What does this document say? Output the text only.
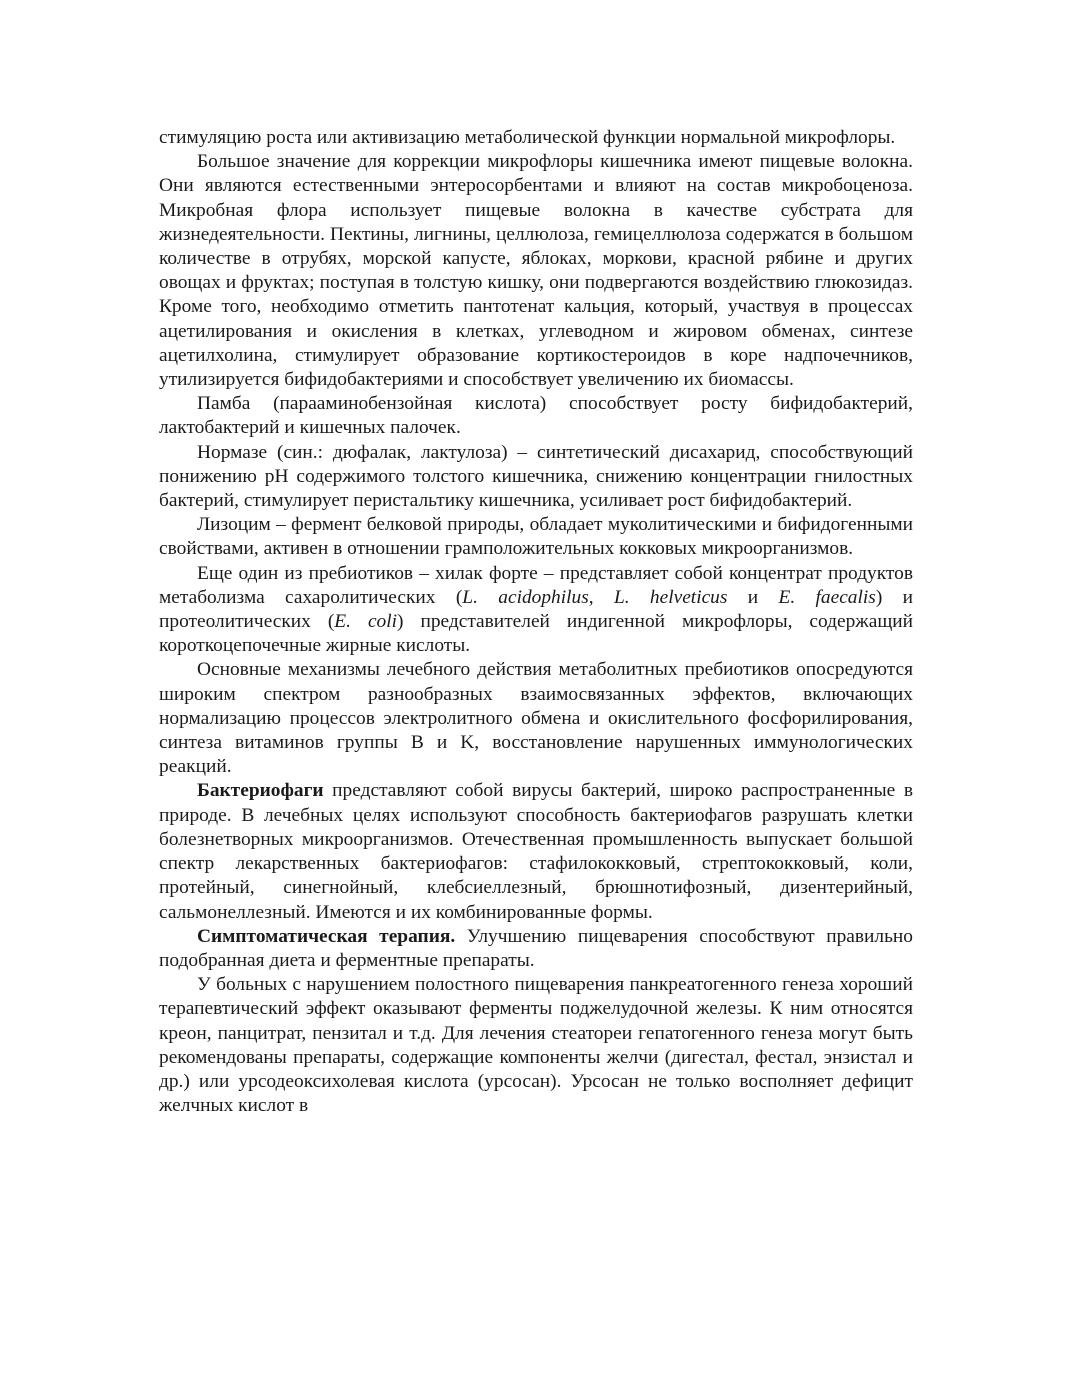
стимуляцию роста или активизацию метаболической функции нормальной микрофлоры.

Большое значение для коррекции микрофлоры кишечника имеют пищевые волокна. Они являются естественными энтеросорбентами и влияют на состав микробоценоза. Микробная флора использует пищевые волокна в качестве субстрата для жизнедеятельности. Пектины, лигнины, целлюлоза, гемицеллюлоза содержатся в большом количестве в отрубях, морской капусте, яблоках, моркови, красной рябине и других овощах и фруктах; поступая в толстую кишку, они подвергаются воздействию глюкозидаз. Кроме того, необходимо отметить пантотенат кальция, который, участвуя в процессах ацетилирования и окисления в клетках, углеводном и жировом обменах, синтезе ацетилхолина, стимулирует образование кортикостероидов в коре надпочечников, утилизируется бифидобактериями и способствует увеличению их биомассы.

Памба (парааминобензойная кислота) способствует росту бифидобактерий, лактобактерий и кишечных палочек.

Нормазе (син.: дюфалак, лактулоза) – синтетический дисахарид, способствующий понижению pH содержимого толстого кишечника, снижению концентрации гнилостных бактерий, стимулирует перистальтику кишечника, усиливает рост бифидобактерий.

Лизоцим – фермент белковой природы, обладает муколитическими и бифидогенными свойствами, активен в отношении грамположительных кокковых микроорганизмов.

Еще один из пребиотиков – хилак форте – представляет собой концентрат продуктов метаболизма сахаролитических (L. acidophilus, L. helveticus и E. faecalis) и протеолитических (E. coli) представителей индигенной микрофлоры, содержащий короткоцепочечные жирные кислоты.

Основные механизмы лечебного действия метаболитных пребиотиков опосредуются широким спектром разнообразных взаимосвязанных эффектов, включающих нормализацию процессов электролитного обмена и окислительного фосфорилирования, синтеза витаминов группы B и K, восстановление нарушенных иммунологических реакций.

Бактериофаги представляют собой вирусы бактерий, широко распространенные в природе. В лечебных целях используют способность бактериофагов разрушать клетки болезнетворных микроорганизмов. Отечественная промышленность выпускает большой спектр лекарственных бактериофагов: стафилококковый, стрептококковый, коли, протейный, синегнойный, клебсиеллезный, брюшнотифозный, дизентерийный, сальмонеллезный. Имеются и их комбинированные формы.

Симптоматическая терапия. Улучшению пищеварения способствуют правильно подобранная диета и ферментные препараты.

У больных с нарушением полостного пищеварения панкреатогенного генеза хороший терапевтический эффект оказывают ферменты поджелудочной железы. К ним относятся креон, панцитрат, пензитал и т.д. Для лечения стеатореи гепатогенного генеза могут быть рекомендованы препараты, содержащие компоненты желчи (дигестал, фестал, энзистал и др.) или урсодеоксихолевая кислота (урсосан). Урсосан не только восполняет дефицит желчных кислот в
